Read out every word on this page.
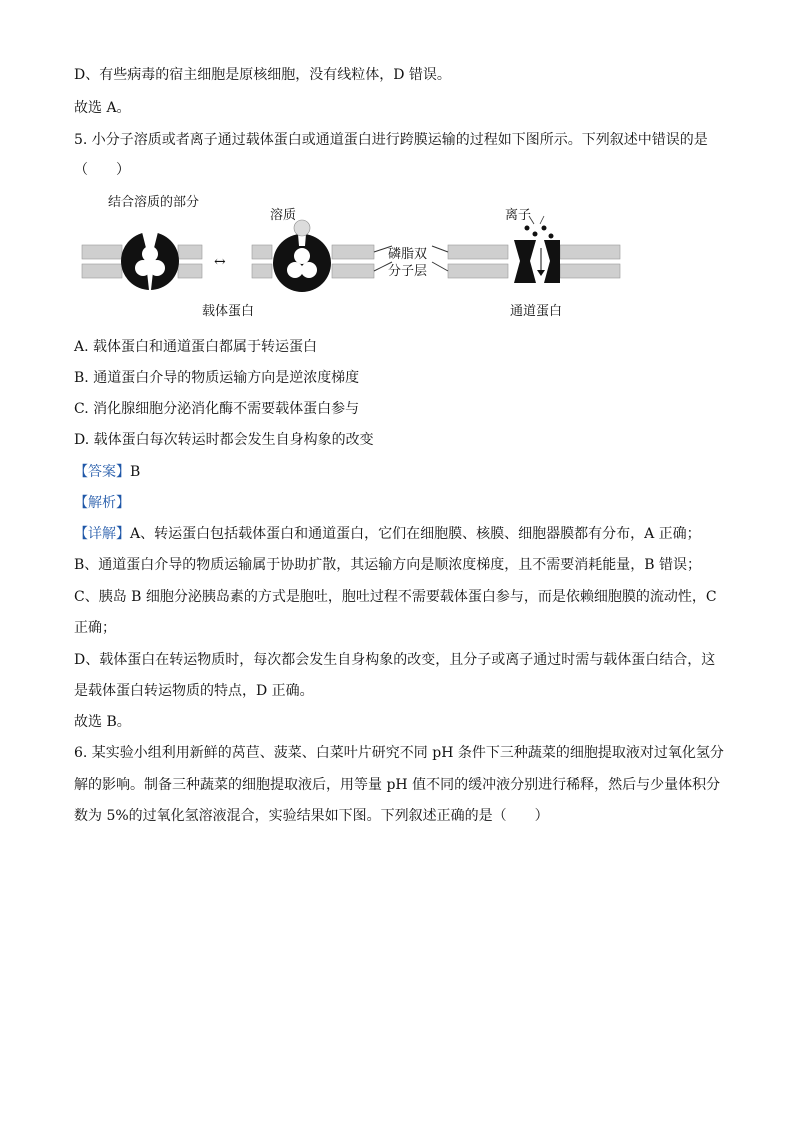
D、有些病毒的宿主细胞是原核细胞，没有线粒体，D 错误。
故选 A。
5. 小分子溶质或者离子通过载体蛋白或通道蛋白进行跨膜运输的过程如下图所示。下列叙述中错误的是
（　　）
↔
结合溶质的部分
溶质	离子
磷脂双
分子层
载体蛋白	通道蛋白
A. 载体蛋白和通道蛋白都属于转运蛋白
B. 通道蛋白介导的物质运输方向是逆浓度梯度
C. 消化腺细胞分泌消化酶不需要载体蛋白参与
D. 载体蛋白每次转运时都会发生自身构象的改变
【答案】B
【解析】
【详解】A、转运蛋白包括载体蛋白和通道蛋白，它们在细胞膜、核膜、细胞器膜都有分布，A 正确；
B、通道蛋白介导的物质运输属于协助扩散，其运输方向是顺浓度梯度，且不需要消耗能量，B 错误；
C、胰岛 B 细胞分泌胰岛素的方式是胞吐，胞吐过程不需要载体蛋白参与，而是依赖细胞膜的流动性，C
正确；
D、载体蛋白在转运物质时，每次都会发生自身构象的改变，且分子或离子通过时需与载体蛋白结合，这
是载体蛋白转运物质的特点，D 正确。
故选 B。
6. 某实验小组利用新鲜的莴苣、菠菜、白菜叶片研究不同 pH 条件下三种蔬菜的细胞提取液对过氧化氢分
解的影响。制备三种蔬菜的细胞提取液后，用等量 pH 值不同的缓冲液分别进行稀释，然后与少量体积分
数为 5%的过氧化氢溶液混合，实验结果如下图。下列叙述正确的是（　　）
